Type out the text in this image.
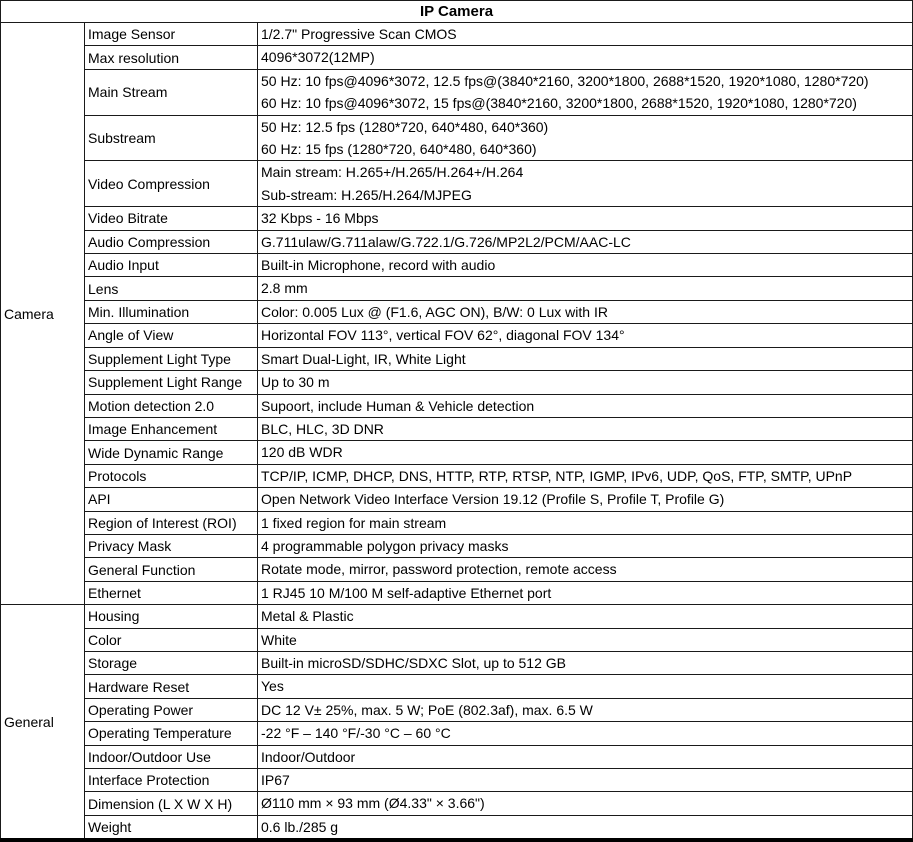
IP Camera		
Camera	Image Sensor	1/2.7" Progressive Scan CMOS

	Max resolution	4096*3072(12MP)

	Main Stream	50 Hz: 10 fps@4096*3072, 12.5 fps@(3840*2160, 3200*1800, 2688*1520, 1920*1080, 1280*720)
60 Hz: 10 fps@4096*3072, 15 fps@(3840*2160, 3200*1800, 2688*1520, 1920*1080, 1280*720)

	Substream	50 Hz: 12.5 fps (1280*720, 640*480, 640*360)
60 Hz: 15 fps (1280*720, 640*480, 640*360)

	Video Compression	Main stream: H.265+/H.265/H.264+/H.264
Sub-stream: H.265/H.264/MJPEG

	Video Bitrate	32 Kbps - 16 Mbps

	Audio Compression	G.711ulaw/G.711alaw/G.722.1/G.726/MP2L2/PCM/AAC-LC

	Audio Input	Built-in Microphone, record with audio

	Lens	2.8 mm

	Min. Illumination	Color: 0.005 Lux @ (F1.6, AGC ON), B/W: 0 Lux with IR

	Angle of View	Horizontal FOV 113°, vertical FOV 62°, diagonal FOV 134°

	Supplement Light Type	Smart Dual-Light, IR, White Light

	Supplement Light Range	Up to 30 m

	Motion detection 2.0	Supoort, include Human & Vehicle detection

	Image Enhancement	BLC, HLC, 3D DNR

	Wide Dynamic Range	120 dB WDR

	Protocols	TCP/IP, ICMP, DHCP, DNS, HTTP, RTP, RTSP, NTP, IGMP, IPv6, UDP, QoS, FTP, SMTP, UPnP

	API	Open Network Video Interface Version 19.12 (Profile S, Profile T, Profile G)

	Region of Interest (ROI)	1 fixed region for main stream

	Privacy Mask	4 programmable polygon privacy masks

	General Function	Rotate mode, mirror, password protection, remote access

	Ethernet	1 RJ45 10 M/100 M self-adaptive Ethernet port

General	Housing	Metal & Plastic

	Color	White

	Storage	Built-in microSD/SDHC/SDXC Slot, up to 512 GB

	Hardware Reset	Yes

	Operating Power	DC 12 V± 25%, max. 5 W; PoE (802.3af), max. 6.5 W

	Operating Temperature	-22 °F – 140 °F/-30 °C – 60 °C

	Indoor/Outdoor Use	Indoor/Outdoor

	Interface Protection	IP67

	Dimension (L X W X H)	Ø110 mm × 93 mm (Ø4.33" × 3.66")

	Weight	0.6 lb./285 g
